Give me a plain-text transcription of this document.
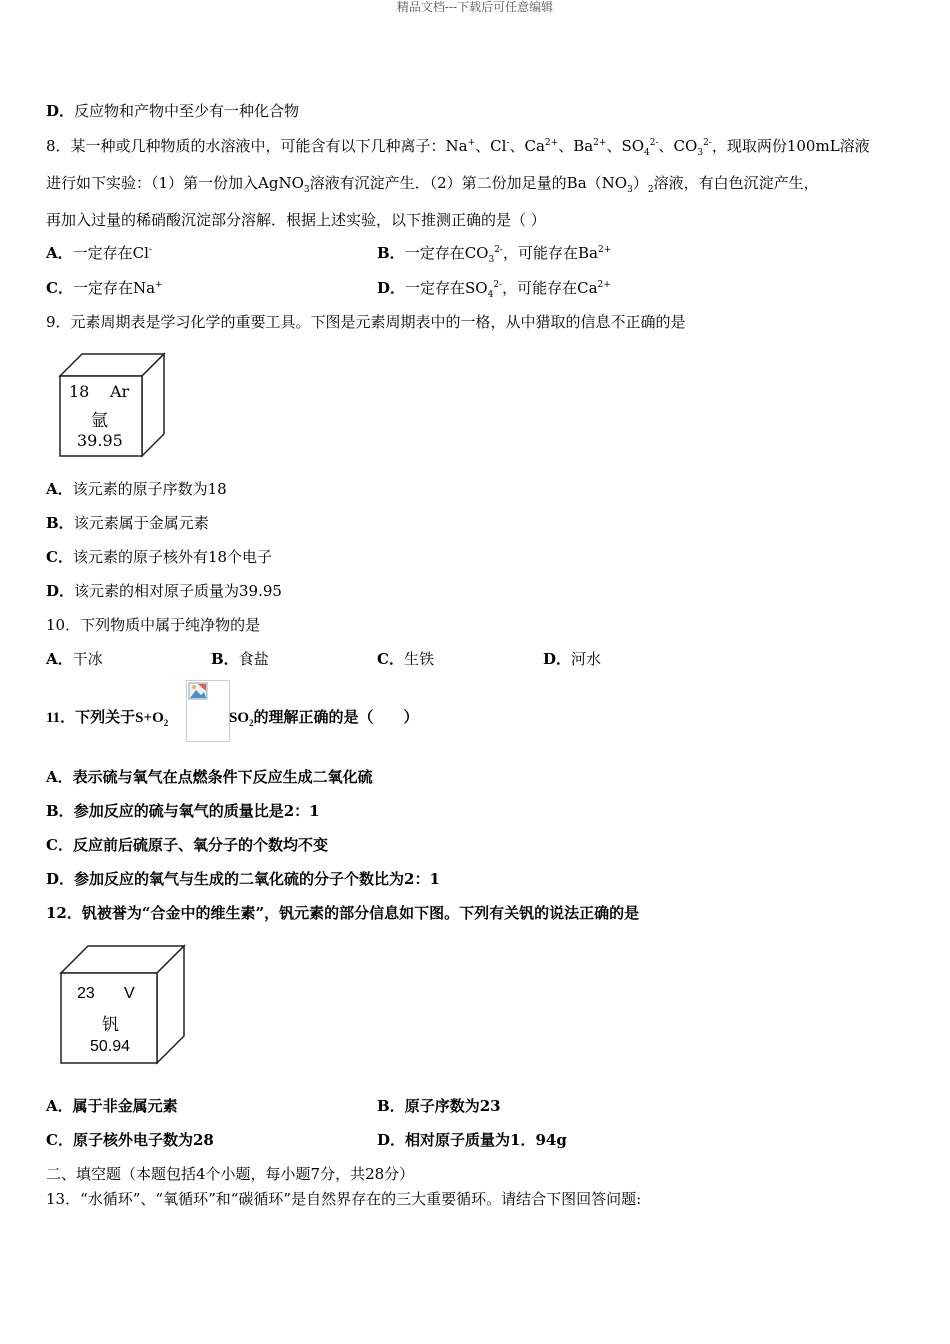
精品文档---下载后可任意编辑
D．反应物和产物中至少有一种化合物
8．某一种或几种物质的水溶液中，可能含有以下几种离子：Na+、Cl-、$Ca^{2+}$、$Ba^{2+}$、$SO_4^{2-}$、$CO_3^{2-}$，现取两份100mL溶液
进行如下实验：（1）第一份加入AgNO$_3$溶液有沉淀产生．（2）第二份加足量的$Ba(NO_3)_2$溶液，有白色沉淀产生，
再加入过量的稀硝酸沉淀部分溶解．根据上述实验，以下推测正确的是（ ）
A．一定存在Cl-	B．一定存在$CO_3^{2-}$，可能存在$Ba^{2+}$
C．一定存在Na+	D．一定存在$SO_4^{2-}$，可能存在$Ca^{2+}$
9．元素周期表是学习化学的重要工具。下图是元素周期表中的一格，从中猎取的信息不正确的是
18 Ar
氩
39.95
A．该元素的原子序数为18
B．该元素属于金属元素
C．该元素的原子核外有18个电子
D．该元素的相对原子质量为39.95
10．下列物质中属于纯净物的是
A．干冰	B．食盐	C．生铁	D．河水
11．下列关于$S+O_2$	$SO_2$的理解正确的是（　　）
A．表示硫与氧气在点燃条件下反应生成二氧化硫
B．参加反应的硫与氧气的质量比是2：1
C．反应前后硫原子、氧分子的个数均不变
D．参加反应的氧气与生成的二氧化硫的分子个数比为2：1
12．钒被誉为“合金中的维生素”，钒元素的部分信息如下图。下列有关钒的说法正确的是
23 V
钒
50.94
A．属于非金属元素	B．原子序数为23
C．原子核外电子数为28	D．相对原子质量为1．94g
二、填空题（本题包括4个小题，每小题7分，共28分）
13．“水循环”、“氧循环”和“碳循环”是自然界存在的三大重要循环。请结合下图回答问题:
